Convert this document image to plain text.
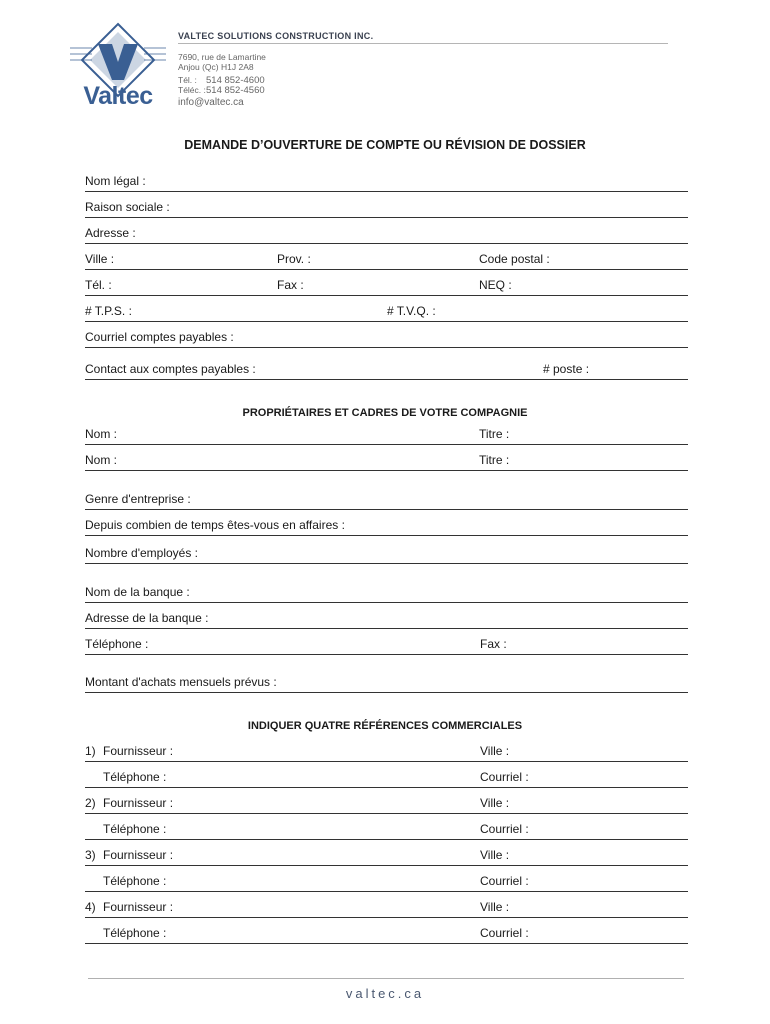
Valtec
VALTEC SOLUTIONS CONSTRUCTION INC.
7690, rue de Lamartine
Anjou (Qc) H1J 2A8
Tél. : 514 852-4600
Téléc. : 514 852-4560
info@valtec.ca
DEMANDE D’OUVERTURE DE COMPTE OU RÉVISION DE DOSSIER
Nom légal :
Raison sociale :
Adresse :
Ville :	Prov. :	Code postal :
Tél. :	Fax :	NEQ :
# T.P.S. :	# T.V.Q. :
Courriel comptes payables :
Contact aux comptes payables :	# poste :
PROPRIÉTAIRES ET CADRES DE VOTRE COMPAGNIE
Nom :	Titre :
Nom :	Titre :
Genre d'entreprise :
Depuis combien de temps êtes-vous en affaires :
Nombre d'employés :
Nom de la banque :
Adresse de la banque :
Téléphone :	Fax :
Montant d'achats mensuels prévus :
INDIQUER QUATRE RÉFÉRENCES COMMERCIALES
1) Fournisseur :	Ville :
Téléphone :	Courriel :
2) Fournisseur :	Ville :
Téléphone :	Courriel :
3) Fournisseur :	Ville :
Téléphone :	Courriel :
4) Fournisseur :	Ville :
Téléphone :	Courriel :
valtec.ca
